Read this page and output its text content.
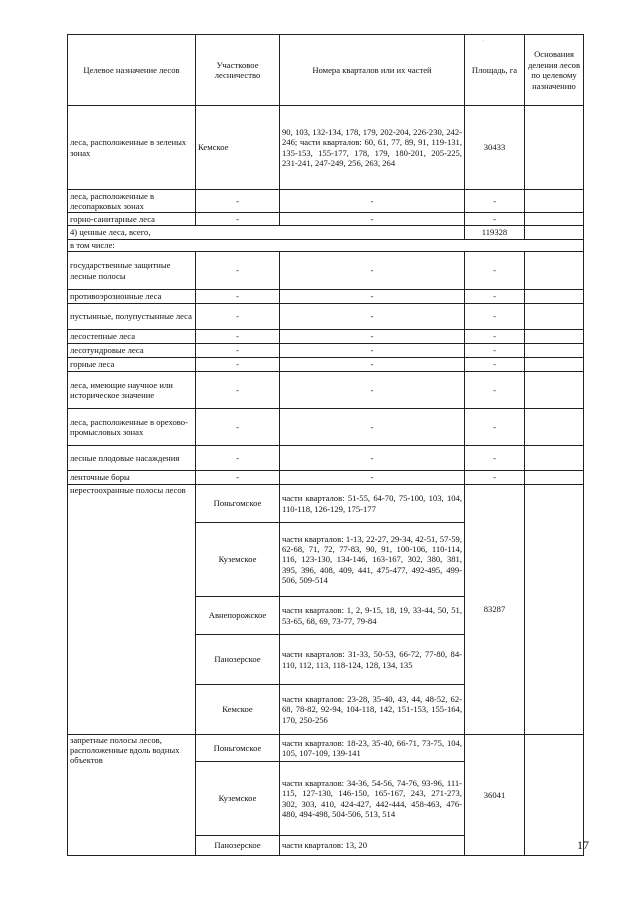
·
Целевое назначение лесов	Участковое лесничество	Номера кварталов или их частей	Площадь, га	Основания деления лесов по целевому назначению
леса, расположенные в зеленых зонах	Кемское	90, 103, 132-134, 178, 179, 202-204, 226-230, 242-246; части кварталов: 60, 61, 77, 89, 91, 119-131, 135-153, 155-177, 178, 179, 180-201, 205-225, 231-241, 247-249, 256, 263, 264	30433	
леса, расположенные в лесопарковых зонах	-	-	-	
горно-санитарные леса	-	-	-	
4) ценные леса, всего,			119328	
в том числе:				
государственные защитные лесные полосы	-	-	-	
противоэрозионные леса	-	-	-	
пустынные, полупустынные леса	-	-	-	
лесостепные леса	-	-	-	
лесотундровые леса	-	-	-	
горные леса	-	-	-	
леса, имеющие научное или историческое значение	-	-	-	
леса, расположенные в орехово-промысловых зонах	-	-	-	
лесные плодовые насаждения	-	-	-	
ленточные боры	-	-	-	
нерестоохранные полосы лесов	Поньгомское	части кварталов: 51-55, 64-70, 75-100, 103, 104, 110-118, 126-129, 175-177	83287	
	Куземское	части кварталов: 1-13, 22-27, 29-34, 42-51, 57-59, 62-68, 71, 72, 77-83, 90, 91, 100-106, 110-114, 116, 123-130, 134-146, 163-167, 302, 380, 381, 395, 396, 408, 409, 441, 475-477, 492-495, 499-506, 509-514		
	Авнепорожское	части кварталов: 1, 2, 9-15, 18, 19, 33-44, 50, 51, 53-65, 68, 69, 73-77, 79-84		
	Панозерское	части кварталов: 31-33, 50-53, 66-72, 77-80, 84-110, 112, 113, 118-124, 128, 134, 135		
	Кемское	части кварталов: 23-28, 35-40, 43, 44, 48-52, 62-68, 78-82, 92-94, 104-118, 142, 151-153, 155-164, 170, 250-256		
запретные полосы лесов, расположенные вдоль водных объектов	Поньгомское	части кварталов: 18-23, 35-40, 66-71, 73-75, 104, 105, 107-109, 139-141	36041	
	Куземское	части кварталов: 34-36, 54-56, 74-76, 93-96, 111-115, 127-130, 146-150, 165-167, 243, 271-273, 302, 303, 410, 424-427, 442-444, 458-463, 476-480, 494-498, 504-506, 513, 514		
	Панозерское	части кварталов: 13, 20			17
